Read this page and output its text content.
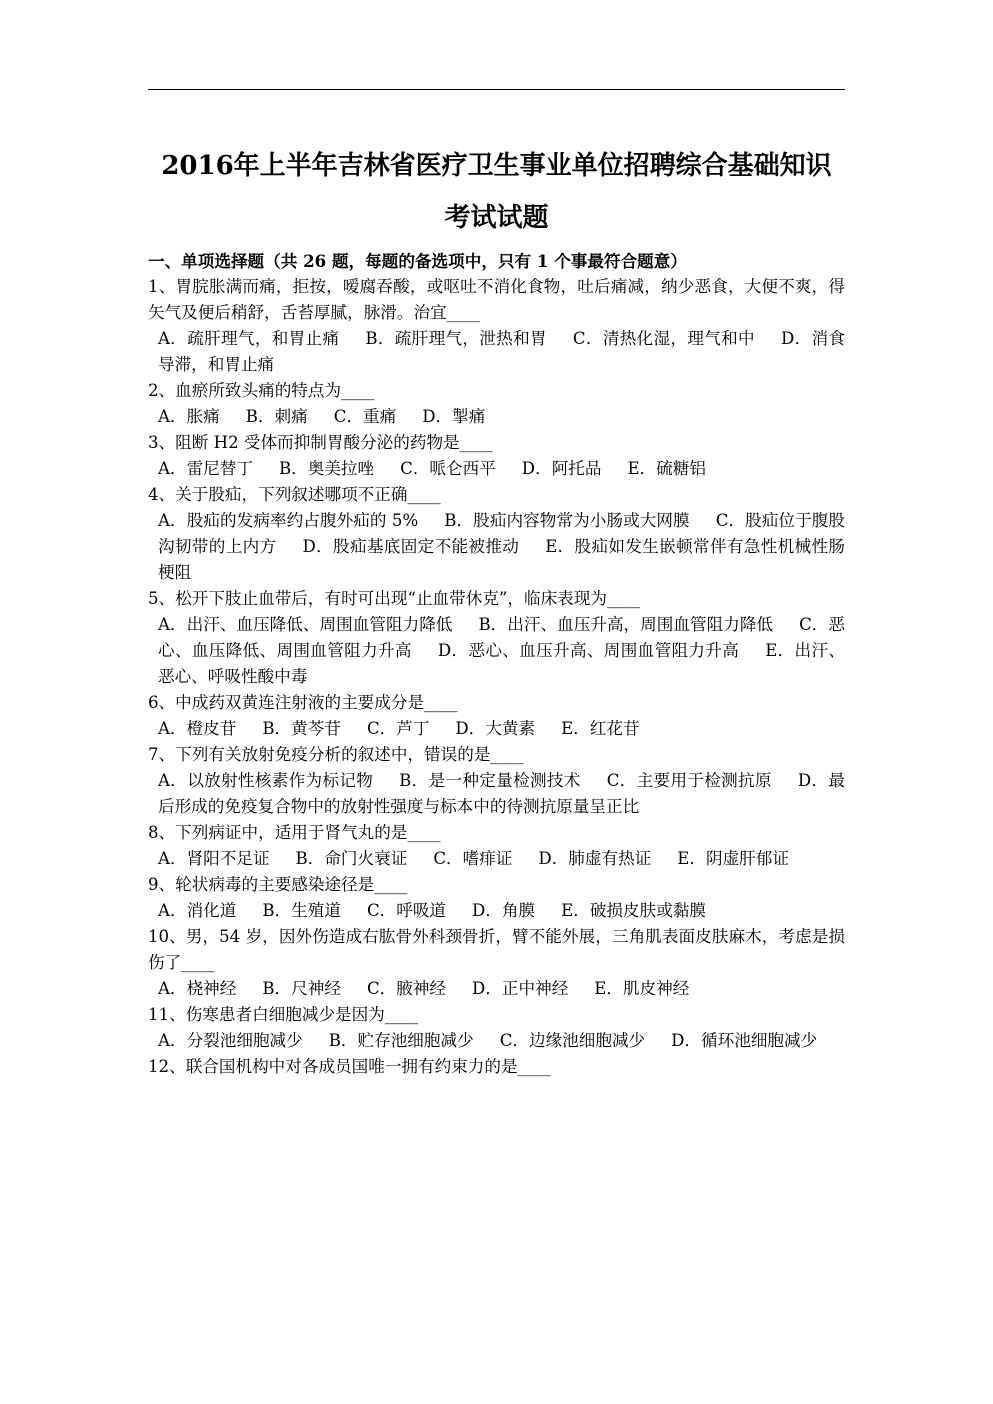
2016年上半年吉林省医疗卫生事业单位招聘综合基础知识
考试试题

一、单项选择题（共 26 题，每题的备选项中，只有 1 个事最符合题意）

1、胃脘胀满而痛，拒按，嗳腐吞酸，或呕吐不消化食物，吐后痛减，纳少恶食，大便不爽，得矢气及便后稍舒，舌苔厚腻，脉滑。治宜____

A．疏肝理气，和胃止痛 B．疏肝理气，泄热和胃 C．清热化湿，理气和中 D．消食导滞，和胃止痛

2、血瘀所致头痛的特点为____

A．胀痛 B．刺痛 C．重痛 D．掣痛

3、阻断 H2 受体而抑制胃酸分泌的药物是____

A．雷尼替丁 B．奥美拉唑 C．哌仑西平 D．阿托品 E．硫糖铝

4、关于股疝，下列叙述哪项不正确____

A．股疝的发病率约占腹外疝的 5% B．股疝内容物常为小肠或大网膜 C．股疝位于腹股沟韧带的上内方 D．股疝基底固定不能被推动 E．股疝如发生嵌顿常伴有急性机械性肠梗阻

5、松开下肢止血带后，有时可出现“止血带休克”，临床表现为____

A．出汗、血压降低、周围血管阻力降低 B．出汗、血压升高，周围血管阻力降低 C．恶心、血压降低、周围血管阻力升高 D．恶心、血压升高、周围血管阻力升高 E．出汗、恶心、呼吸性酸中毒

6、中成药双黄连注射液的主要成分是____

A．橙皮苷 B．黄芩苷 C．芦丁 D．大黄素 E．红花苷

7、下列有关放射免疫分析的叙述中，错误的是____

A．以放射性核素作为标记物 B．是一种定量检测技术 C．主要用于检测抗原 D．最后形成的免疫复合物中的放射性强度与标本中的待测抗原量呈正比

8、下列病证中，适用于肾气丸的是____

A．肾阳不足证 B．命门火衰证 C．嗜痱证 D．肺虚有热证 E．阴虚肝郁证

9、轮状病毒的主要感染途径是____

A．消化道 B．生殖道 C．呼吸道 D．角膜 E．破损皮肤或黏膜

10、男，54 岁，因外伤造成右肱骨外科颈骨折，臂不能外展，三角肌表面皮肤麻木，考虑是损伤了____

A．桡神经 B．尺神经 C．腋神经 D．正中神经 E．肌皮神经

11、伤寒患者白细胞减少是因为____

A．分裂池细胞减少 B．贮存池细胞减少 C．边缘池细胞减少 D．循环池细胞减少

12、联合国机构中对各成员国唯一拥有约束力的是____
